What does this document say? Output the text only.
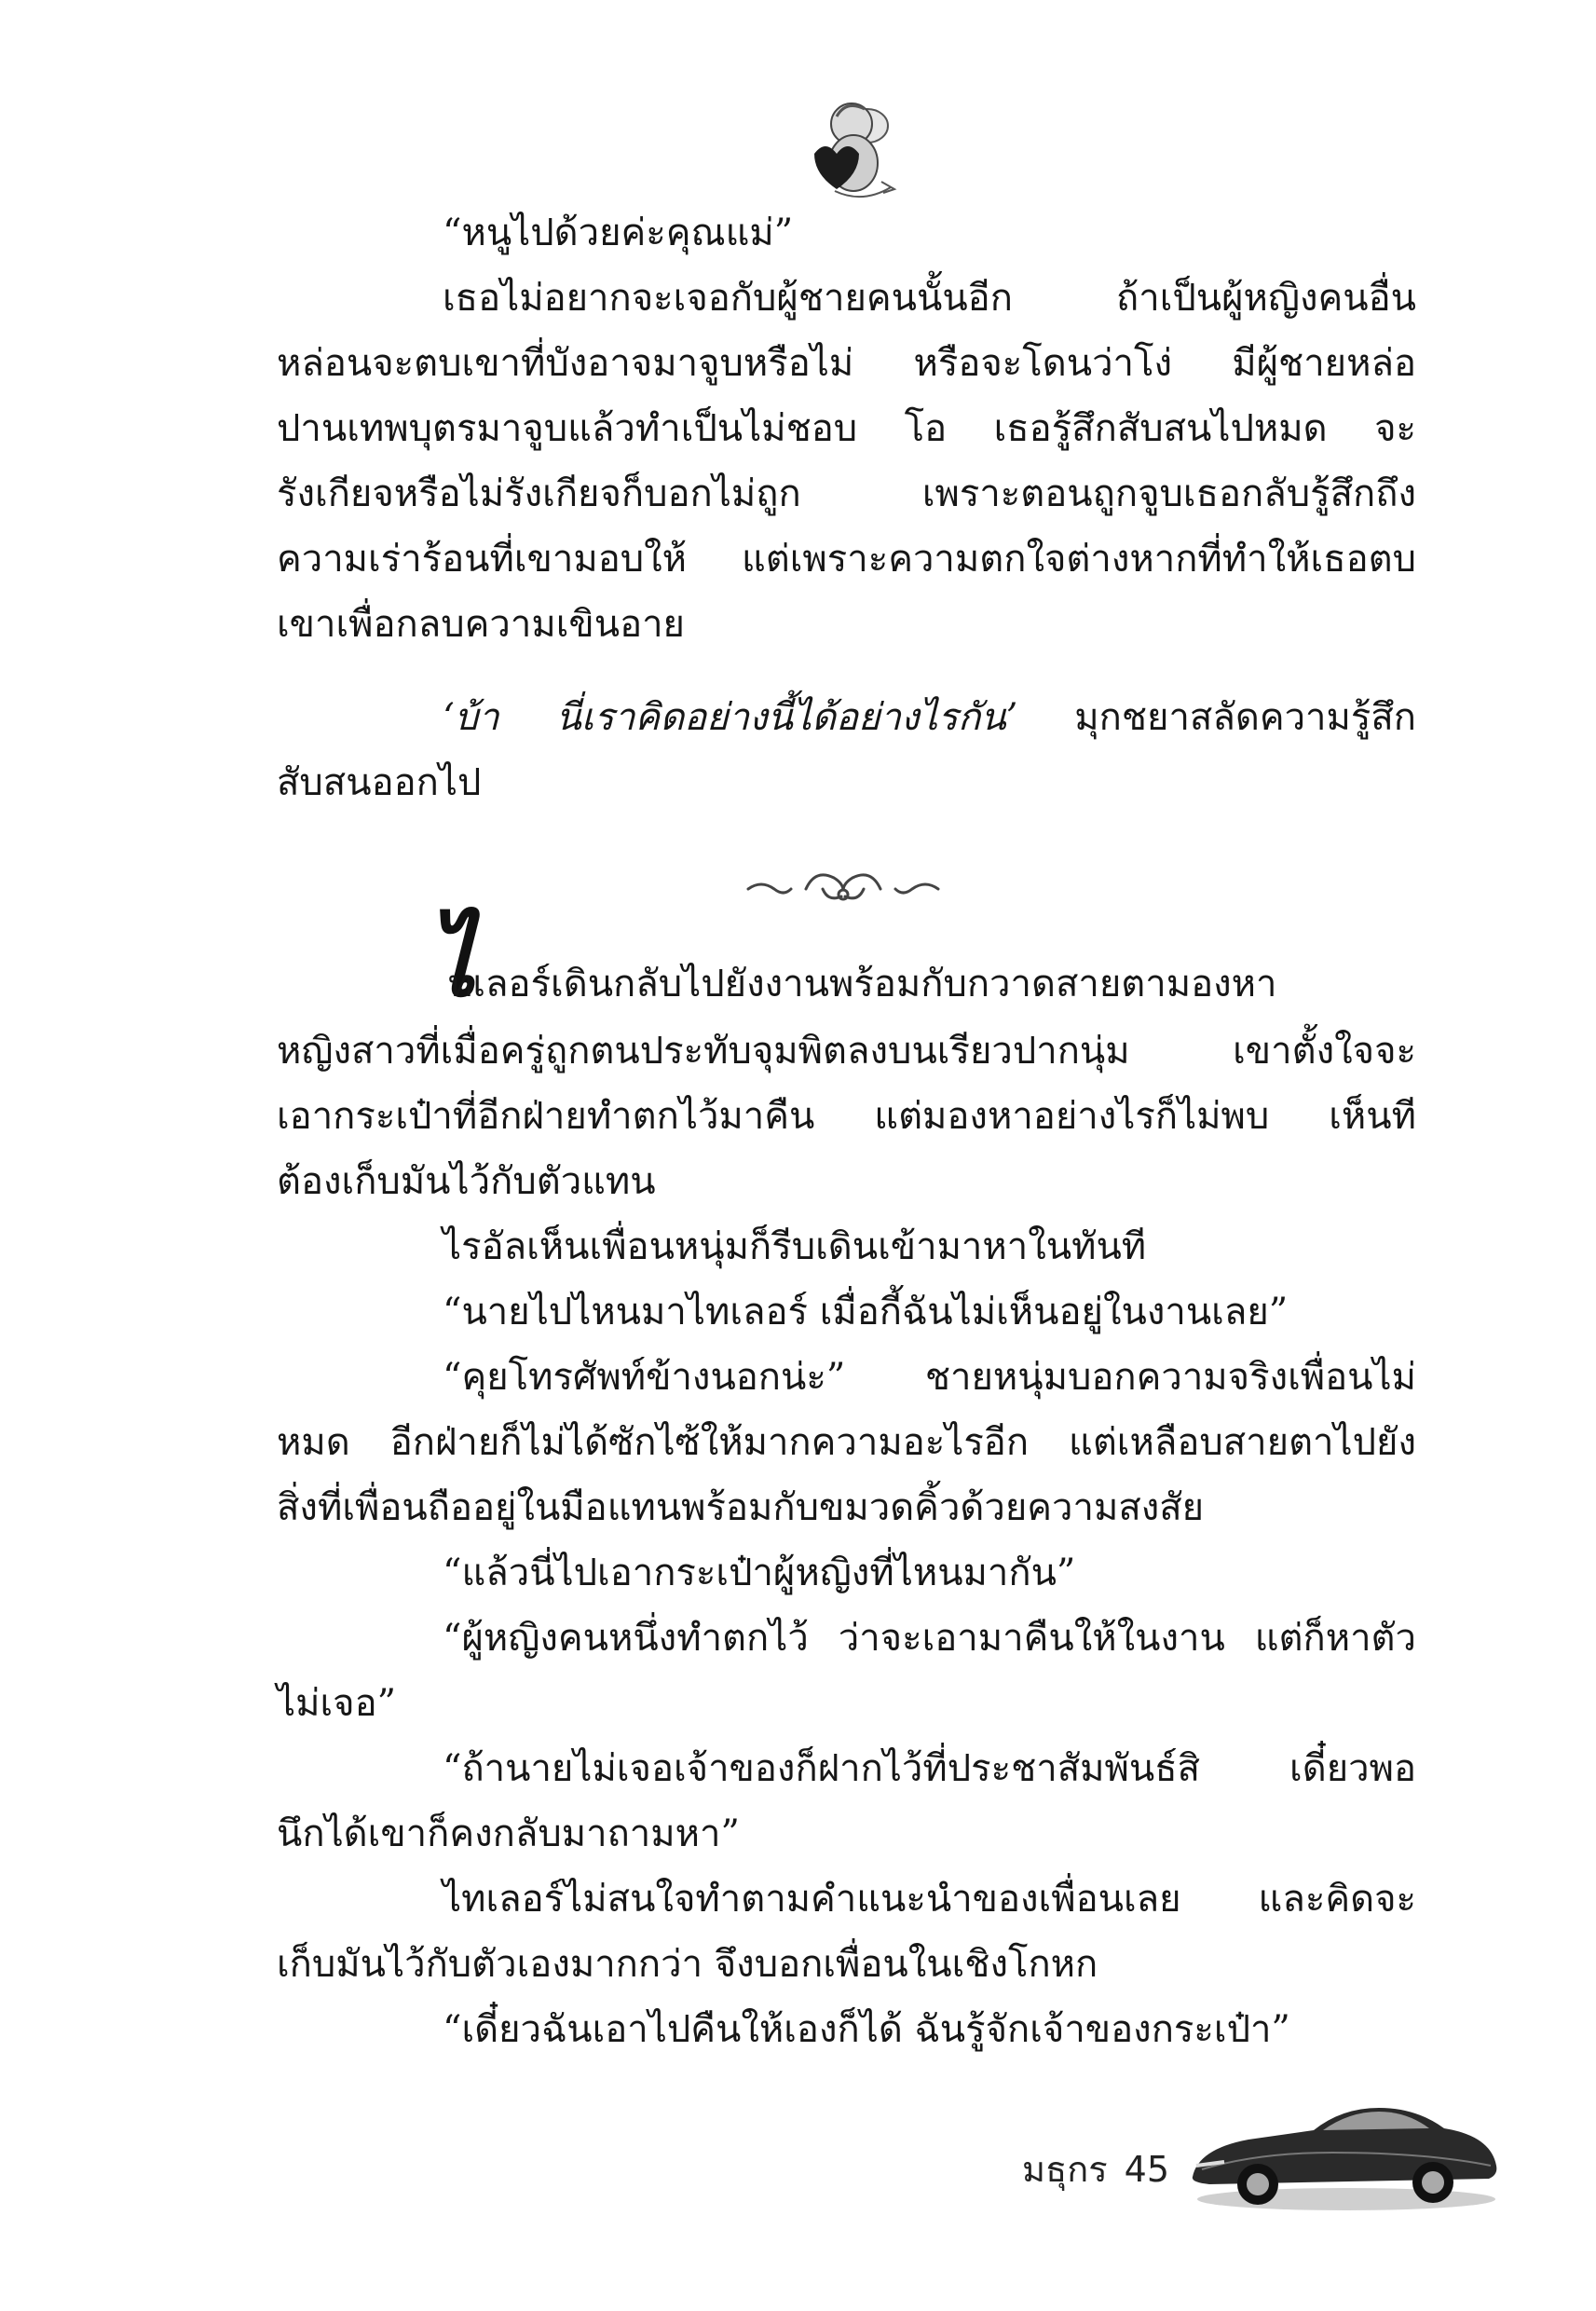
“หนูไปด้วยค่ะคุณแม่”
เธอไม่อยากจะเจอกับผู้ชายคนนั้นอีก ถ้าเป็นผู้หญิงคนอื่น
หล่อนจะตบเขาที่บังอาจมาจูบหรือไม่ หรือจะโดนว่าโง่ มีผู้ชายหล่อ
ปานเทพบุตรมาจูบแล้วทำเป็นไม่ชอบ โอ เธอรู้สึกสับสนไปหมด จะ
รังเกียจหรือไม่รังเกียจก็บอกไม่ถูก เพราะตอนถูกจูบเธอกลับรู้สึกถึง
ความเร่าร้อนที่เขามอบให้ แต่เพราะความตกใจต่างหากที่ทำให้เธอตบ
เขาเพื่อกลบความเขินอาย
‘บ้า นี่เราคิดอย่างนี้ได้อย่างไรกัน’ มุกชยาสลัดความรู้สึก
สับสนออกไป
ไ
ทเลอร์เดินกลับไปยังงานพร้อมกับกวาดสายตามองหา
หญิงสาวที่เมื่อครู่ถูกตนประทับจุมพิตลงบนเรียวปากนุ่ม เขาตั้งใจจะ
เอากระเป๋าที่อีกฝ่ายทำตกไว้มาคืน แต่มองหาอย่างไรก็ไม่พบ เห็นที
ต้องเก็บมันไว้กับตัวแทน
ไรอัลเห็นเพื่อนหนุ่มก็รีบเดินเข้ามาหาในทันที
“นายไปไหนมาไทเลอร์ เมื่อกี้ฉันไม่เห็นอยู่ในงานเลย”
“คุยโทรศัพท์ข้างนอกน่ะ” ชายหนุ่มบอกความจริงเพื่อนไม่
หมด อีกฝ่ายก็ไม่ได้ซักไซ้ให้มากความอะไรอีก แต่เหลือบสายตาไปยัง
สิ่งที่เพื่อนถืออยู่ในมือแทนพร้อมกับขมวดคิ้วด้วยความสงสัย
“แล้วนี่ไปเอากระเป๋าผู้หญิงที่ไหนมากัน”
“ผู้หญิงคนหนึ่งทำตกไว้ ว่าจะเอามาคืนให้ในงาน แต่ก็หาตัว
ไม่เจอ”
“ถ้านายไม่เจอเจ้าของก็ฝากไว้ที่ประชาสัมพันธ์สิ เดี๋ยวพอ
นึกได้เขาก็คงกลับมาถามหา”
ไทเลอร์ไม่สนใจทำตามคำแนะนำของเพื่อนเลย และคิดจะ
เก็บมันไว้กับตัวเองมากกว่า จึงบอกเพื่อนในเชิงโกหก
“เดี๋ยวฉันเอาไปคืนให้เองก็ได้ ฉันรู้จักเจ้าของกระเป๋า”
มธุกร 45
